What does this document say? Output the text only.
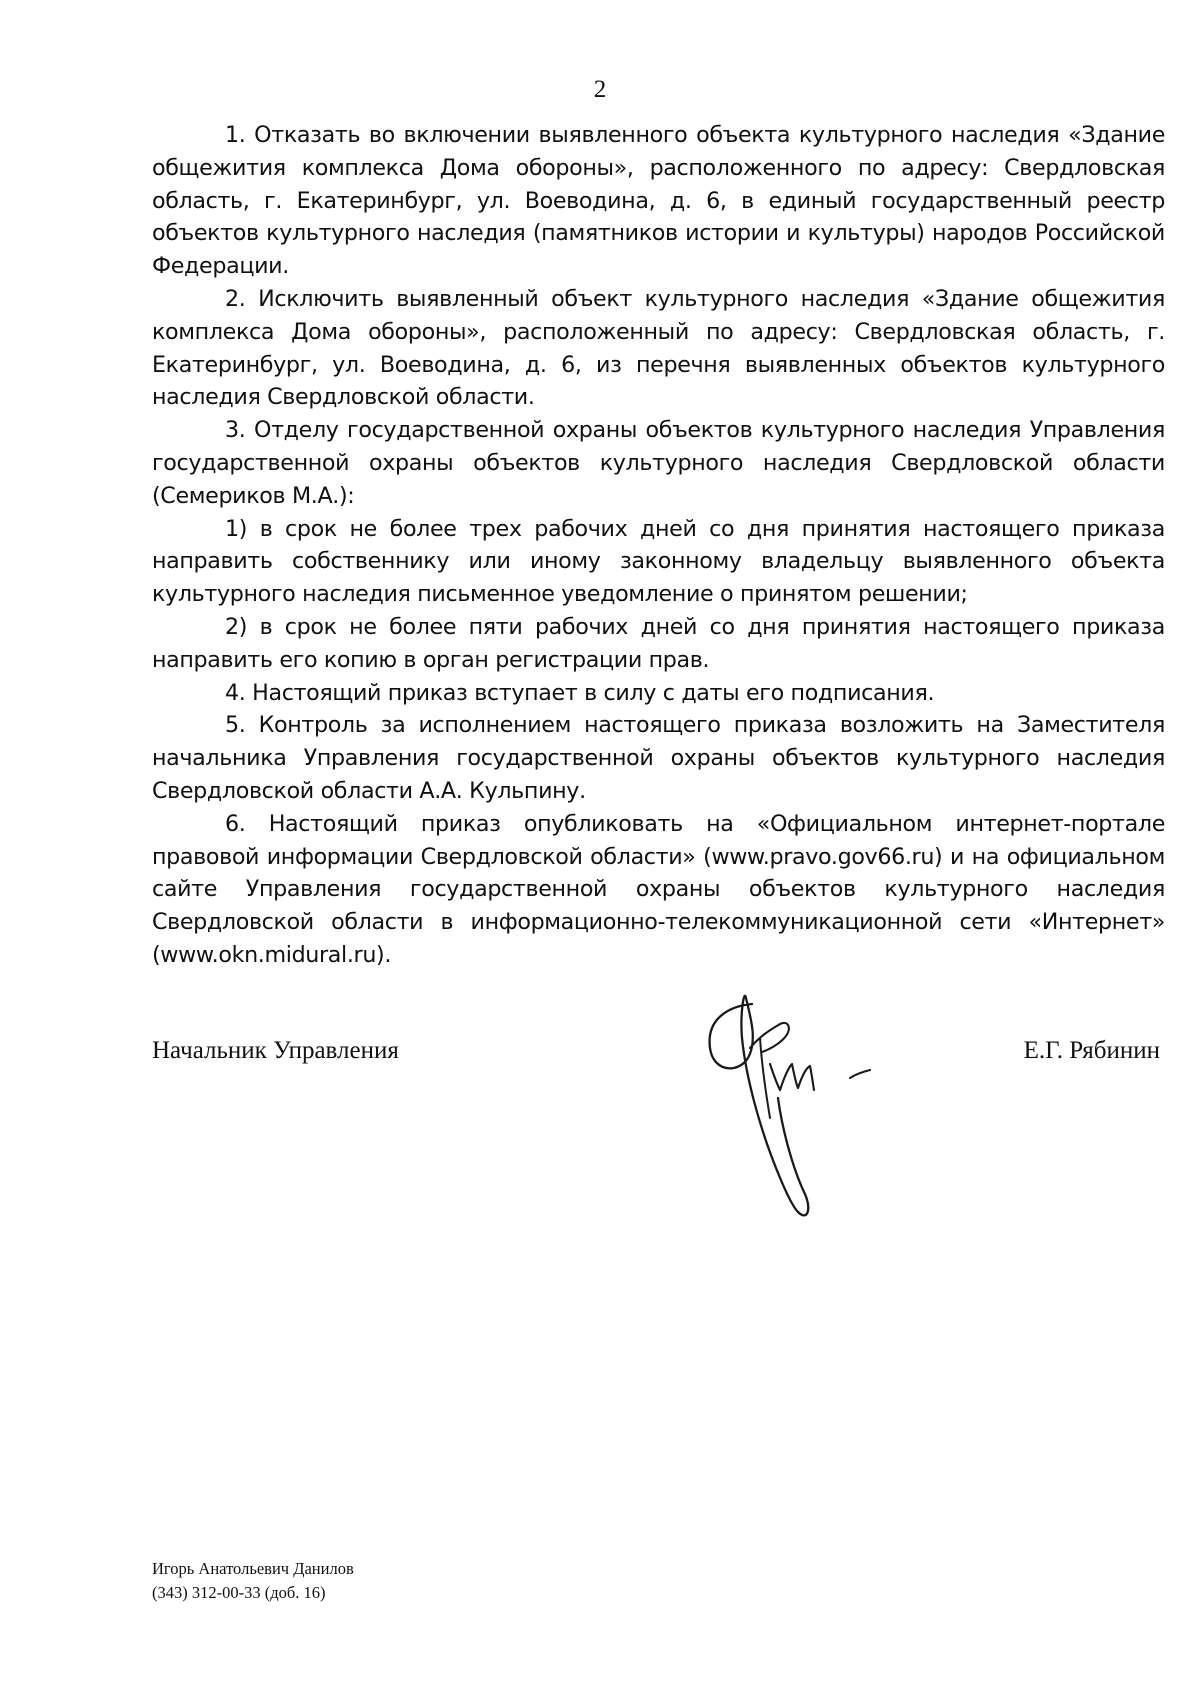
2

1. Отказать во включении выявленного объекта культурного наследия «Здание общежития комплекса Дома обороны», расположенного по адресу: Свердловская область, г. Екатеринбург, ул. Воеводина, д. 6, в единый государственный реестр объектов культурного наследия (памятников истории и культуры) народов Российской Федерации.

2. Исключить выявленный объект культурного наследия «Здание общежития комплекса Дома обороны», расположенный по адресу: Свердловская область, г. Екатеринбург, ул. Воеводина, д. 6, из перечня выявленных объектов культурного наследия Свердловской области.

3. Отделу государственной охраны объектов культурного наследия Управления государственной охраны объектов культурного наследия Свердловской области (Семериков М.А.):

1) в срок не более трех рабочих дней со дня принятия настоящего приказа направить собственнику или иному законному владельцу выявленного объекта культурного наследия письменное уведомление о принятом решении;

2) в срок не более пяти рабочих дней со дня принятия настоящего приказа направить его копию в орган регистрации прав.

4. Настоящий приказ вступает в силу с даты его подписания.

5. Контроль за исполнением настоящего приказа возложить на Заместителя начальника Управления государственной охраны объектов культурного наследия Свердловской области А.А. Кульпину.

6. Настоящий приказ опубликовать на «Официальном интернет-портале правовой информации Свердловской области» (www.pravo.gov66.ru) и на официальном сайте Управления государственной охраны объектов культурного наследия Свердловской области в информационно-телекоммуникационной сети «Интернет» (www.okn.midural.ru).

Начальник Управления	Е.Г. Рябинин
Игорь Анатольевич Данилов
(343) 312-00-33 (доб. 16)
